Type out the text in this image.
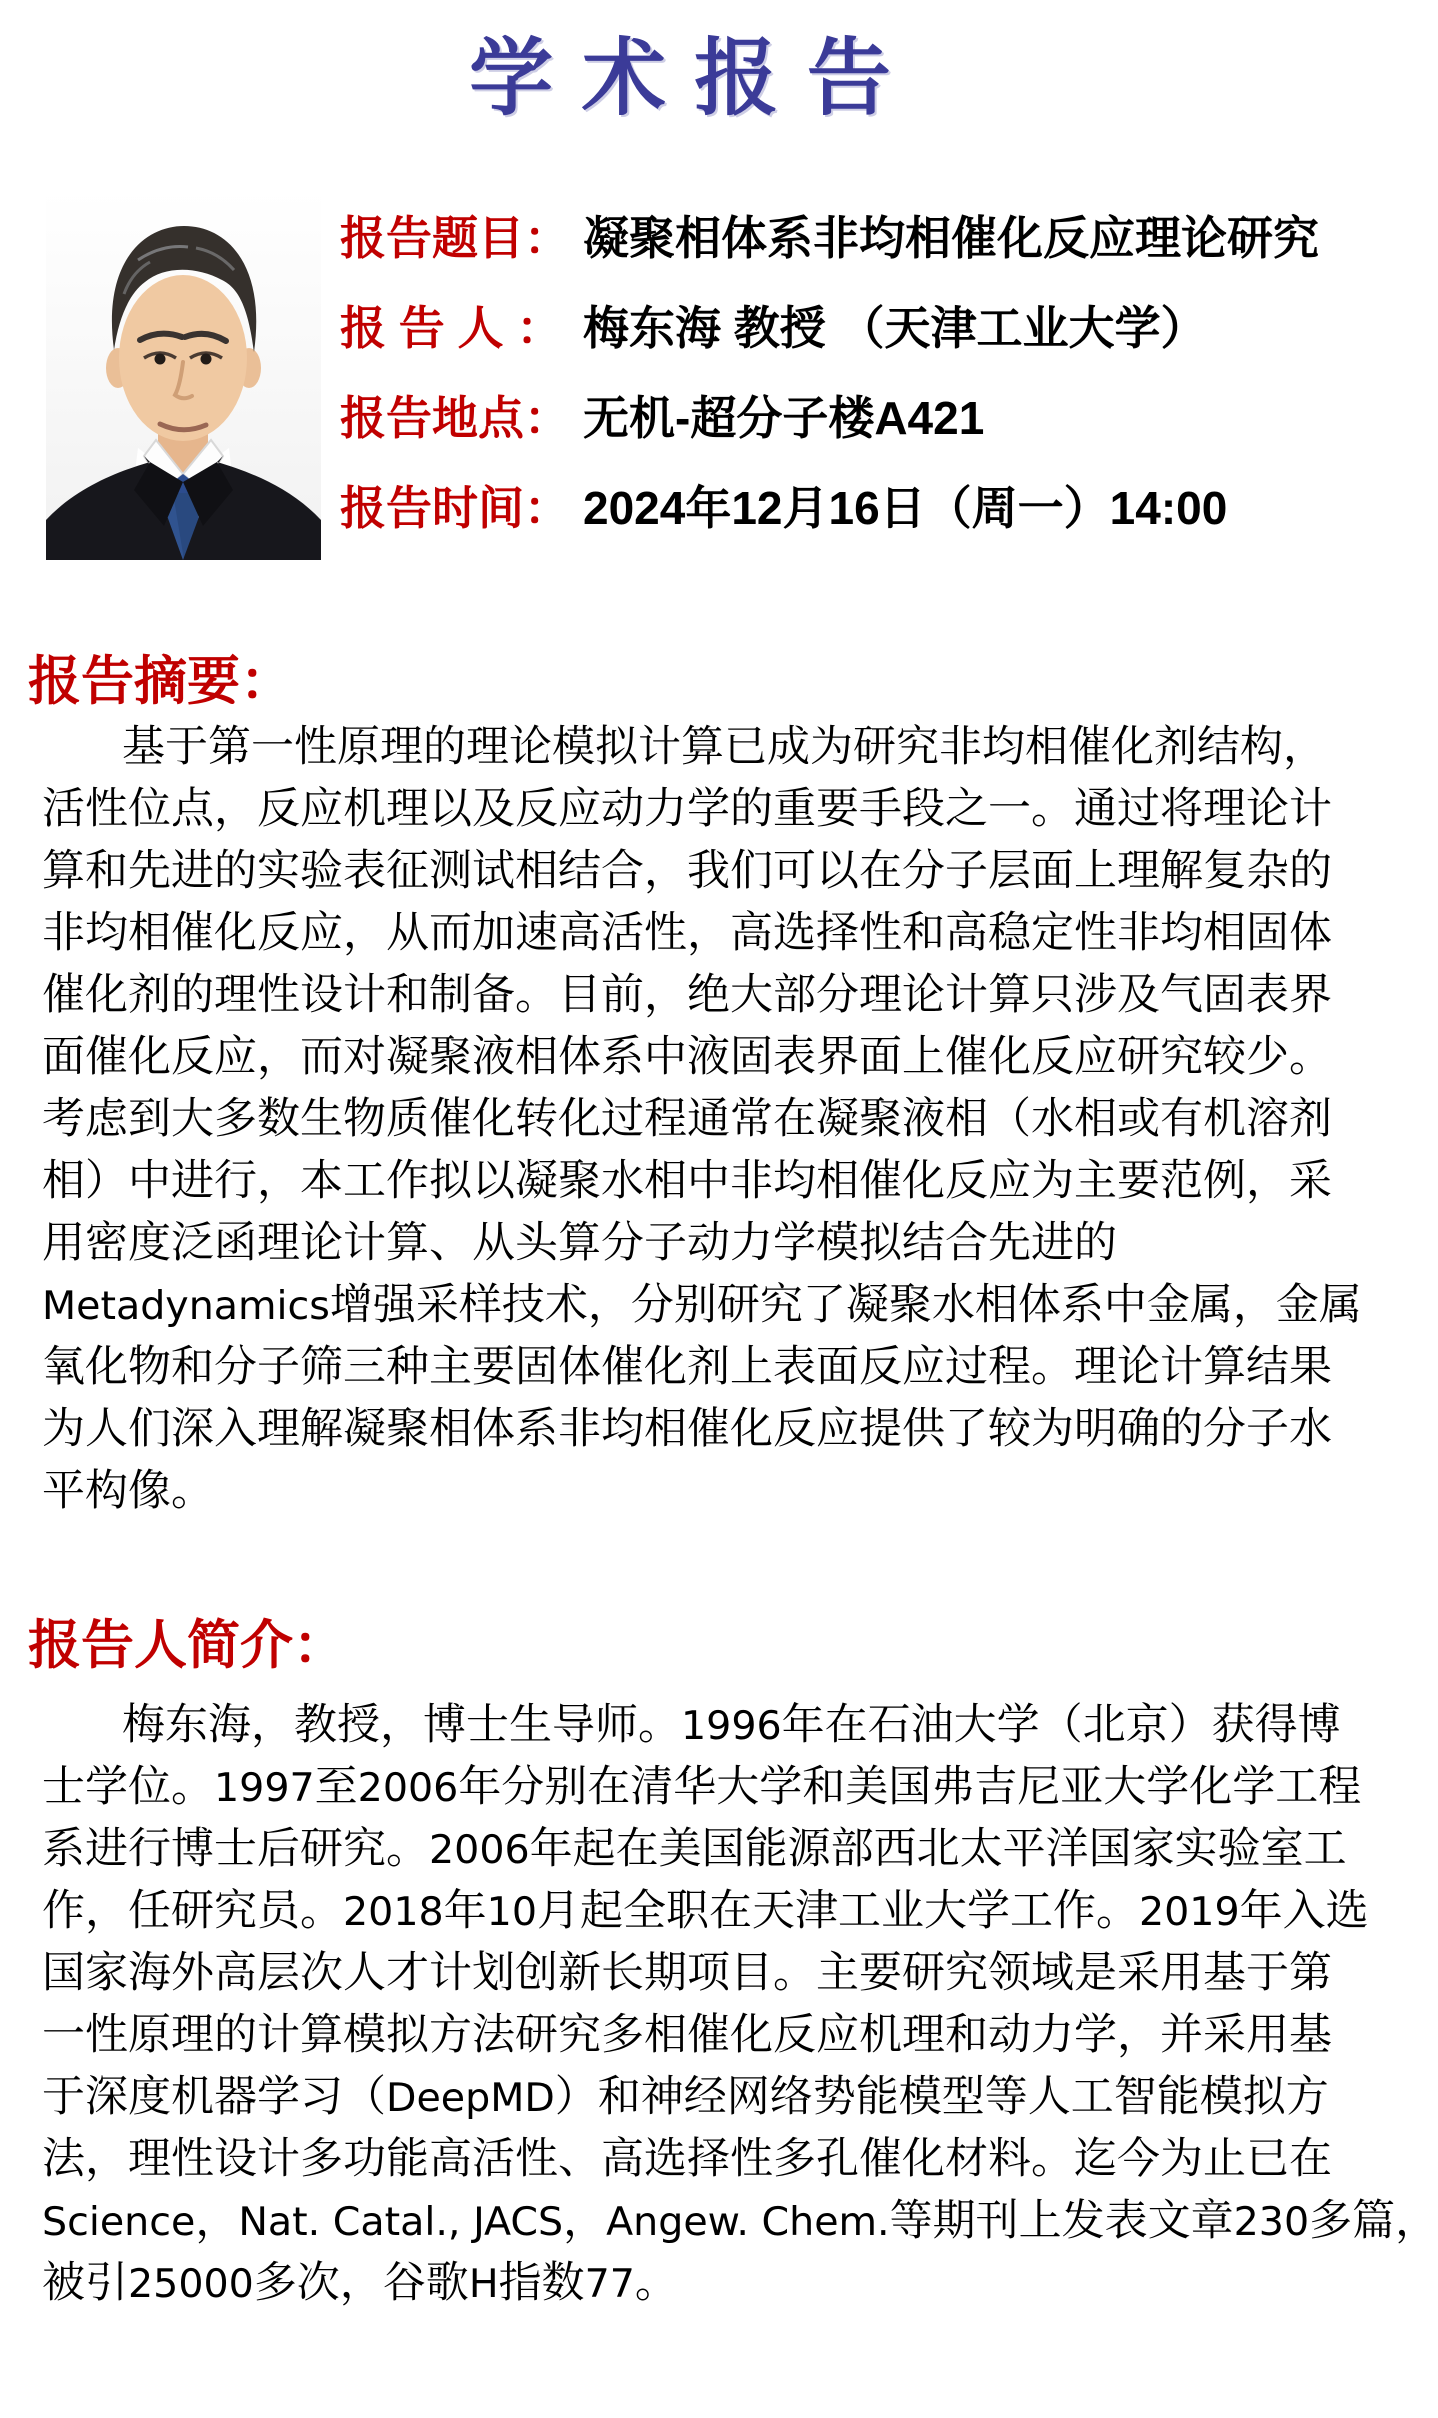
学术报告
报告题目： 凝聚相体系非均相催化反应理论研究
报 告 人 ： 梅东海 教授 （天津工业大学）
报告地点： 无机-超分子楼A421
报告时间： 2024年12月16日（周一）14:00
报告摘要：
基于第一性原理的理论模拟计算已成为研究非均相催化剂结构，
活性位点，反应机理以及反应动力学的重要手段之一。通过将理论计
算和先进的实验表征测试相结合，我们可以在分子层面上理解复杂的
非均相催化反应，从而加速高活性，高选择性和高稳定性非均相固体
催化剂的理性设计和制备。目前，绝大部分理论计算只涉及气固表界
面催化反应，而对凝聚液相体系中液固表界面上催化反应研究较少。
考虑到大多数生物质催化转化过程通常在凝聚液相（水相或有机溶剂
相）中进行，本工作拟以凝聚水相中非均相催化反应为主要范例，采
用密度泛函理论计算、从头算分子动力学模拟结合先进的
Metadynamics增强采样技术，分别研究了凝聚水相体系中金属，金属
氧化物和分子筛三种主要固体催化剂上表面反应过程。理论计算结果
为人们深入理解凝聚相体系非均相催化反应提供了较为明确的分子水
平构像。
报告人简介：
梅东海，教授，博士生导师。1996年在石油大学（北京）获得博
士学位。1997至2006年分别在清华大学和美国弗吉尼亚大学化学工程
系进行博士后研究。2006年起在美国能源部西北太平洋国家实验室工
作，任研究员。2018年10月起全职在天津工业大学工作。2019年入选
国家海外高层次人才计划创新长期项目。主要研究领域是采用基于第
一性原理的计算模拟方法研究多相催化反应机理和动力学，并采用基
于深度机器学习（DeepMD）和神经网络势能模型等人工智能模拟方
法，理性设计多功能高活性、高选择性多孔催化材料。迄今为止已在
Science，Nat. Catal., JACS，Angew. Chem.等期刊上发表文章230多篇，
被引25000多次，谷歌H指数77。
